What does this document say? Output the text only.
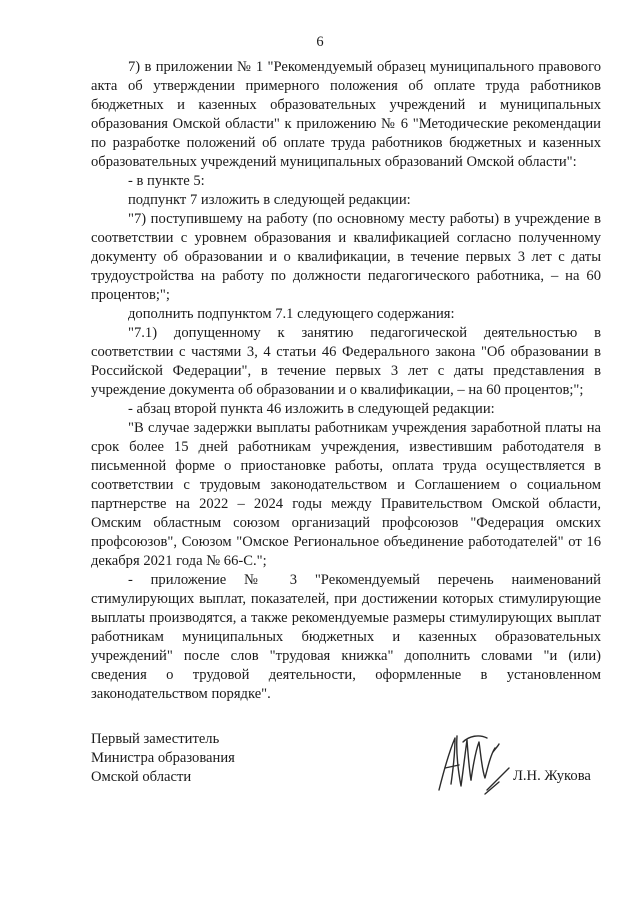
6

7) в приложении № 1 "Рекомендуемый образец муниципального правового акта об утверждении примерного положения об оплате труда работников бюджетных и казенных образовательных учреждений и муниципальных образования Омской области" к приложению № 6 "Методические рекомендации по разработке положений об оплате труда работников бюджетных и казенных образовательных учреждений муниципальных образований Омской области":

- в пункте 5:

подпункт 7 изложить в следующей редакции:

"7) поступившему на работу (по основному месту работы) в учреждение в соответствии с уровнем образования и квалификацией согласно полученному документу об образовании и о квалификации, в течение первых 3 лет с даты трудоустройства на работу по должности педагогического работника, – на 60 процентов;";

дополнить подпунктом 7.1 следующего содержания:

"7.1) допущенному к занятию педагогической деятельностью в соответствии с частями 3, 4 статьи 46 Федерального закона "Об образовании в Российской Федерации", в течение первых 3 лет с даты представления в учреждение документа об образовании и о квалификации, – на 60 процентов;";

- абзац второй пункта 46 изложить в следующей редакции:

"В случае задержки выплаты работникам учреждения заработной платы на срок более 15 дней работникам учреждения, известившим работодателя в письменной форме о приостановке работы, оплата труда осуществляется в соответствии с трудовым законодательством и Соглашением о социальном партнерстве на 2022 – 2024 годы между Правительством Омской области, Омским областным союзом организаций профсоюзов "Федерация омских профсоюзов", Союзом "Омское Региональное объединение работодателей" от 16 декабря 2021 года № 66-С.";

- приложение № 3 "Рекомендуемый перечень наименований стимулирующих выплат, показателей, при достижении которых стимулирующие выплаты производятся, а также рекомендуемые размеры стимулирующих выплат работникам муниципальных бюджетных и казенных образовательных учреждений" после слов "трудовая книжка" дополнить словами "и (или) сведения о трудовой деятельности, оформленные в установленном законодательством порядке".

Первый заместитель
Министра образования
Омской области	Л.Н. Жукова
